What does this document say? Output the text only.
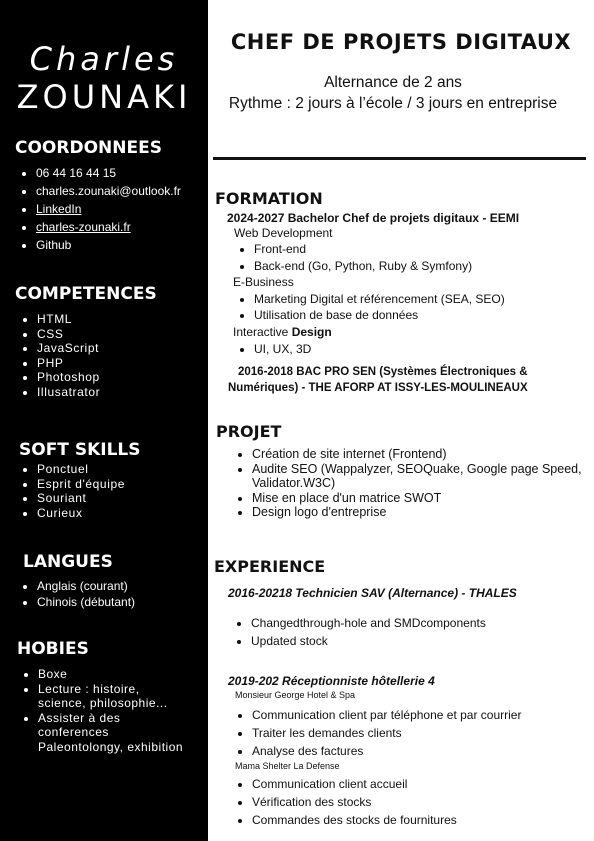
Charles
ZOUNAKI
COORDONNEES
• 06 44 16 44 15
• charles.zounaki@outlook.fr
• LinkedIn
• charles-zounaki.fr
• Github
COMPETENCES
• HTML
• CSS
• JavaScript
• PHP
• Photoshop
• Illusatrator
SOFT SKILLS
• Ponctuel
• Esprit d'équipe
• Souriant
• Curieux
LANGUES
• Anglais (courant)
• Chinois (débutant)
HOBIES
• Boxe
• Lecture : histoire, science, philosophie...
• Assister à des conferences Paleontolongy, exhibition
CHEF DE PROJETS DIGITAUX
Alternance de 2 ans
Rythme : 2 jours à l’école / 3 jours en entreprise
FORMATION
2024-2027 Bachelor Chef de projets digitaux - EEMI
Web Development
• Front-end
• Back-end (Go, Python, Ruby & Symfony)
E-Business
• Marketing Digital et référencement (SEA, SEO)
• Utilisation de base de données
Interactive Design
• UI, UX, 3D
2016-2018 BAC PRO SEN (Systèmes Électroniques &
Numériques) - THE AFORP AT ISSY-LES-MOULINEAUX
PROJET
• Création de site internet (Frontend)
• Audite SEO (Wappalyzer, SEOQuake, Google page Speed, Validator.W3C)
• Mise en place d'un matrice SWOT
• Design logo d'entreprise
EXPERIENCE
2016-20218 Technicien SAV (Alternance) - THALES
• Changedthrough-hole and SMDcomponents
• Updated stock
2019-202 Réceptionniste hôtellerie 4
Monsieur George Hotel & Spa
• Communication client par téléphone et par courrier
• Traiter les demandes clients
• Analyse des factures
Mama Shelter La Defense
• Communication client accueil
• Vérification des stocks
• Commandes des stocks de fournitures
